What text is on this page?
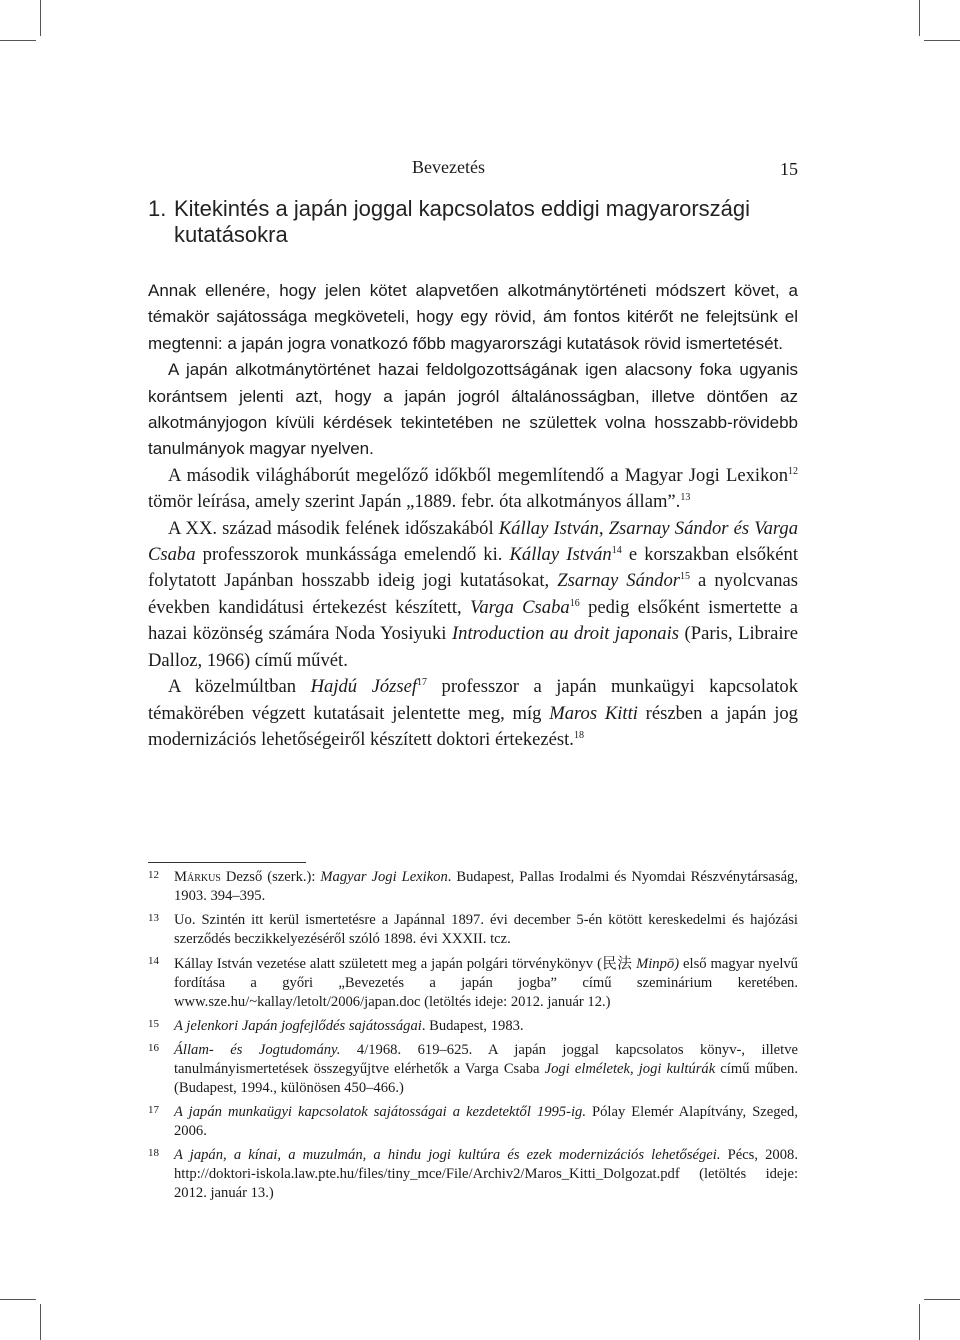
Bevezetés	15
1. Kitekintés a japán joggal kapcsolatos eddigi magyarországi kutatásokra

Annak ellenére, hogy jelen kötet alapvetően alkotmánytörténeti módszert követ, a témakör sajátossága megköveteli, hogy egy rövid, ám fontos kitérőt ne felejtsünk el megtenni: a japán jogra vonatkozó főbb magyarországi kutatások rövid ismertetését.

A japán alkotmánytörténet hazai feldolgozottságának igen alacsony foka ugyanis korántsem jelenti azt, hogy a japán jogról általánosságban, illetve döntően az alkotmányjogon kívüli kérdések tekintetében ne születtek volna hosszabb-rövidebb tanulmányok magyar nyelven.

A második világháborút megelőző időkből megemlítendő a Magyar Jogi Lexikon$^{12}$ tömör leírása, amely szerint Japán „1889. febr. óta alkotmányos állam”.$^{13}$

A XX. század második felének időszakából Kállay István, Zsarnay Sándor és Varga Csaba professzorok munkássága emelendő ki. Kállay István$^{14}$ e korszakban elsőként folytatott Japánban hosszabb ideig jogi kutatásokat, Zsarnay Sándor$^{15}$ a nyolcvanas években kandidátusi értekezést készített, Varga Csaba$^{16}$ pedig elsőként ismertette a hazai közönség számára Noda Yosiyuki Introduction au droit japonais (Paris, Libraire Dalloz, 1966) című művét.

A közelmúltban Hajdú József$^{17}$ professzor a japán munkaügyi kapcsolatok témakörében végzett kutatásait jelentette meg, míg Maros Kitti részben a japán jog modernizációs lehetőségeiről készített doktori értekezést.$^{18}$

12 Márkus Dezső (szerk.): Magyar Jogi Lexikon. Budapest, Pallas Irodalmi és Nyomdai Részvénytársaság, 1903. 394–395.
13 Uo. Szintén itt kerül ismertetésre a Japánnal 1897. évi december 5-én kötött kereskedelmi és hajózási szerződés beczikkelyezéséről szóló 1898. évi XXXII. tcz.
14 Kállay István vezetése alatt született meg a japán polgári törvénykönyv (民法 Minpō) első magyar nyelvű fordítása a győri „Bevezetés a japán jogba” című szeminárium keretében. www.sze.hu/~kallay/letolt/2006/japan.doc (letöltés ideje: 2012. január 12.)
15 A jelenkori Japán jogfejlődés sajátosságai. Budapest, 1983.
16 Állam- és Jogtudomány. 4/1968. 619–625. A japán joggal kapcsolatos könyv-, illetve tanulmányismertetések összegyűjtve elérhetők a Varga Csaba Jogi elméletek, jogi kultúrák című műben. (Budapest, 1994., különösen 450–466.)
17 A japán munkaügyi kapcsolatok sajátosságai a kezdetektől 1995-ig. Pólay Elemér Alapítvány, Szeged, 2006.
18 A japán, a kínai, a muzulmán, a hindu jogi kultúra és ezek modernizációs lehetőségei. Pécs, 2008. http://doktori-iskola.law.pte.hu/files/tiny_mce/File/Archiv2/Maros_Kitti_Dolgozat.pdf (letöltés ideje: 2012. január 13.)
